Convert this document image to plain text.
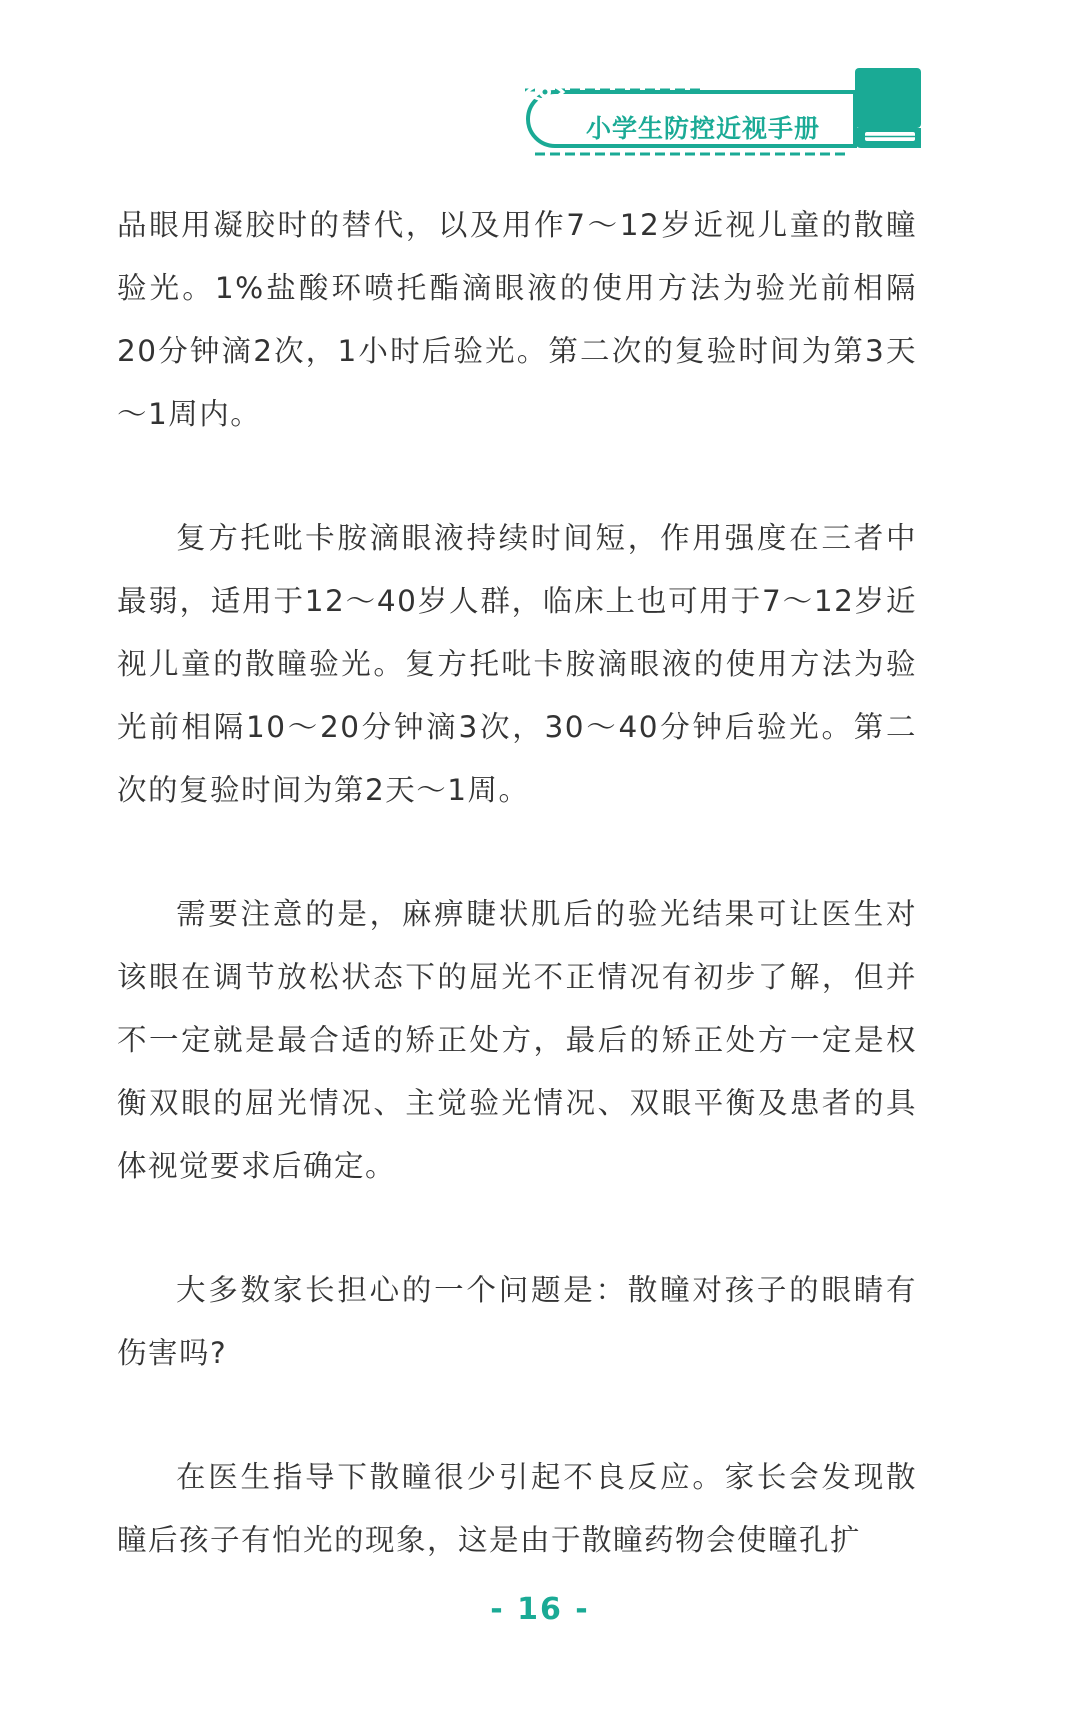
小学生防控近视手册

品眼用凝胶时的替代，以及用作7～12岁近视儿童的散瞳验光。1%盐酸环喷托酯滴眼液的使用方法为验光前相隔20分钟滴2次，1小时后验光。第二次的复验时间为第3天～1周内。

复方托吡卡胺滴眼液持续时间短，作用强度在三者中最弱，适用于12～40岁人群，临床上也可用于7～12岁近视儿童的散瞳验光。复方托吡卡胺滴眼液的使用方法为验光前相隔10～20分钟滴3次，30～40分钟后验光。第二次的复验时间为第2天～1周。

需要注意的是，麻痹睫状肌后的验光结果可让医生对该眼在调节放松状态下的屈光不正情况有初步了解，但并不一定就是最合适的矫正处方，最后的矫正处方一定是权衡双眼的屈光情况、主觉验光情况、双眼平衡及患者的具体视觉要求后确定。

大多数家长担心的一个问题是：散瞳对孩子的眼睛有伤害吗?

在医生指导下散瞳很少引起不良反应。家长会发现散瞳后孩子有怕光的现象，这是由于散瞳药物会使瞳孔扩

- 16 -
